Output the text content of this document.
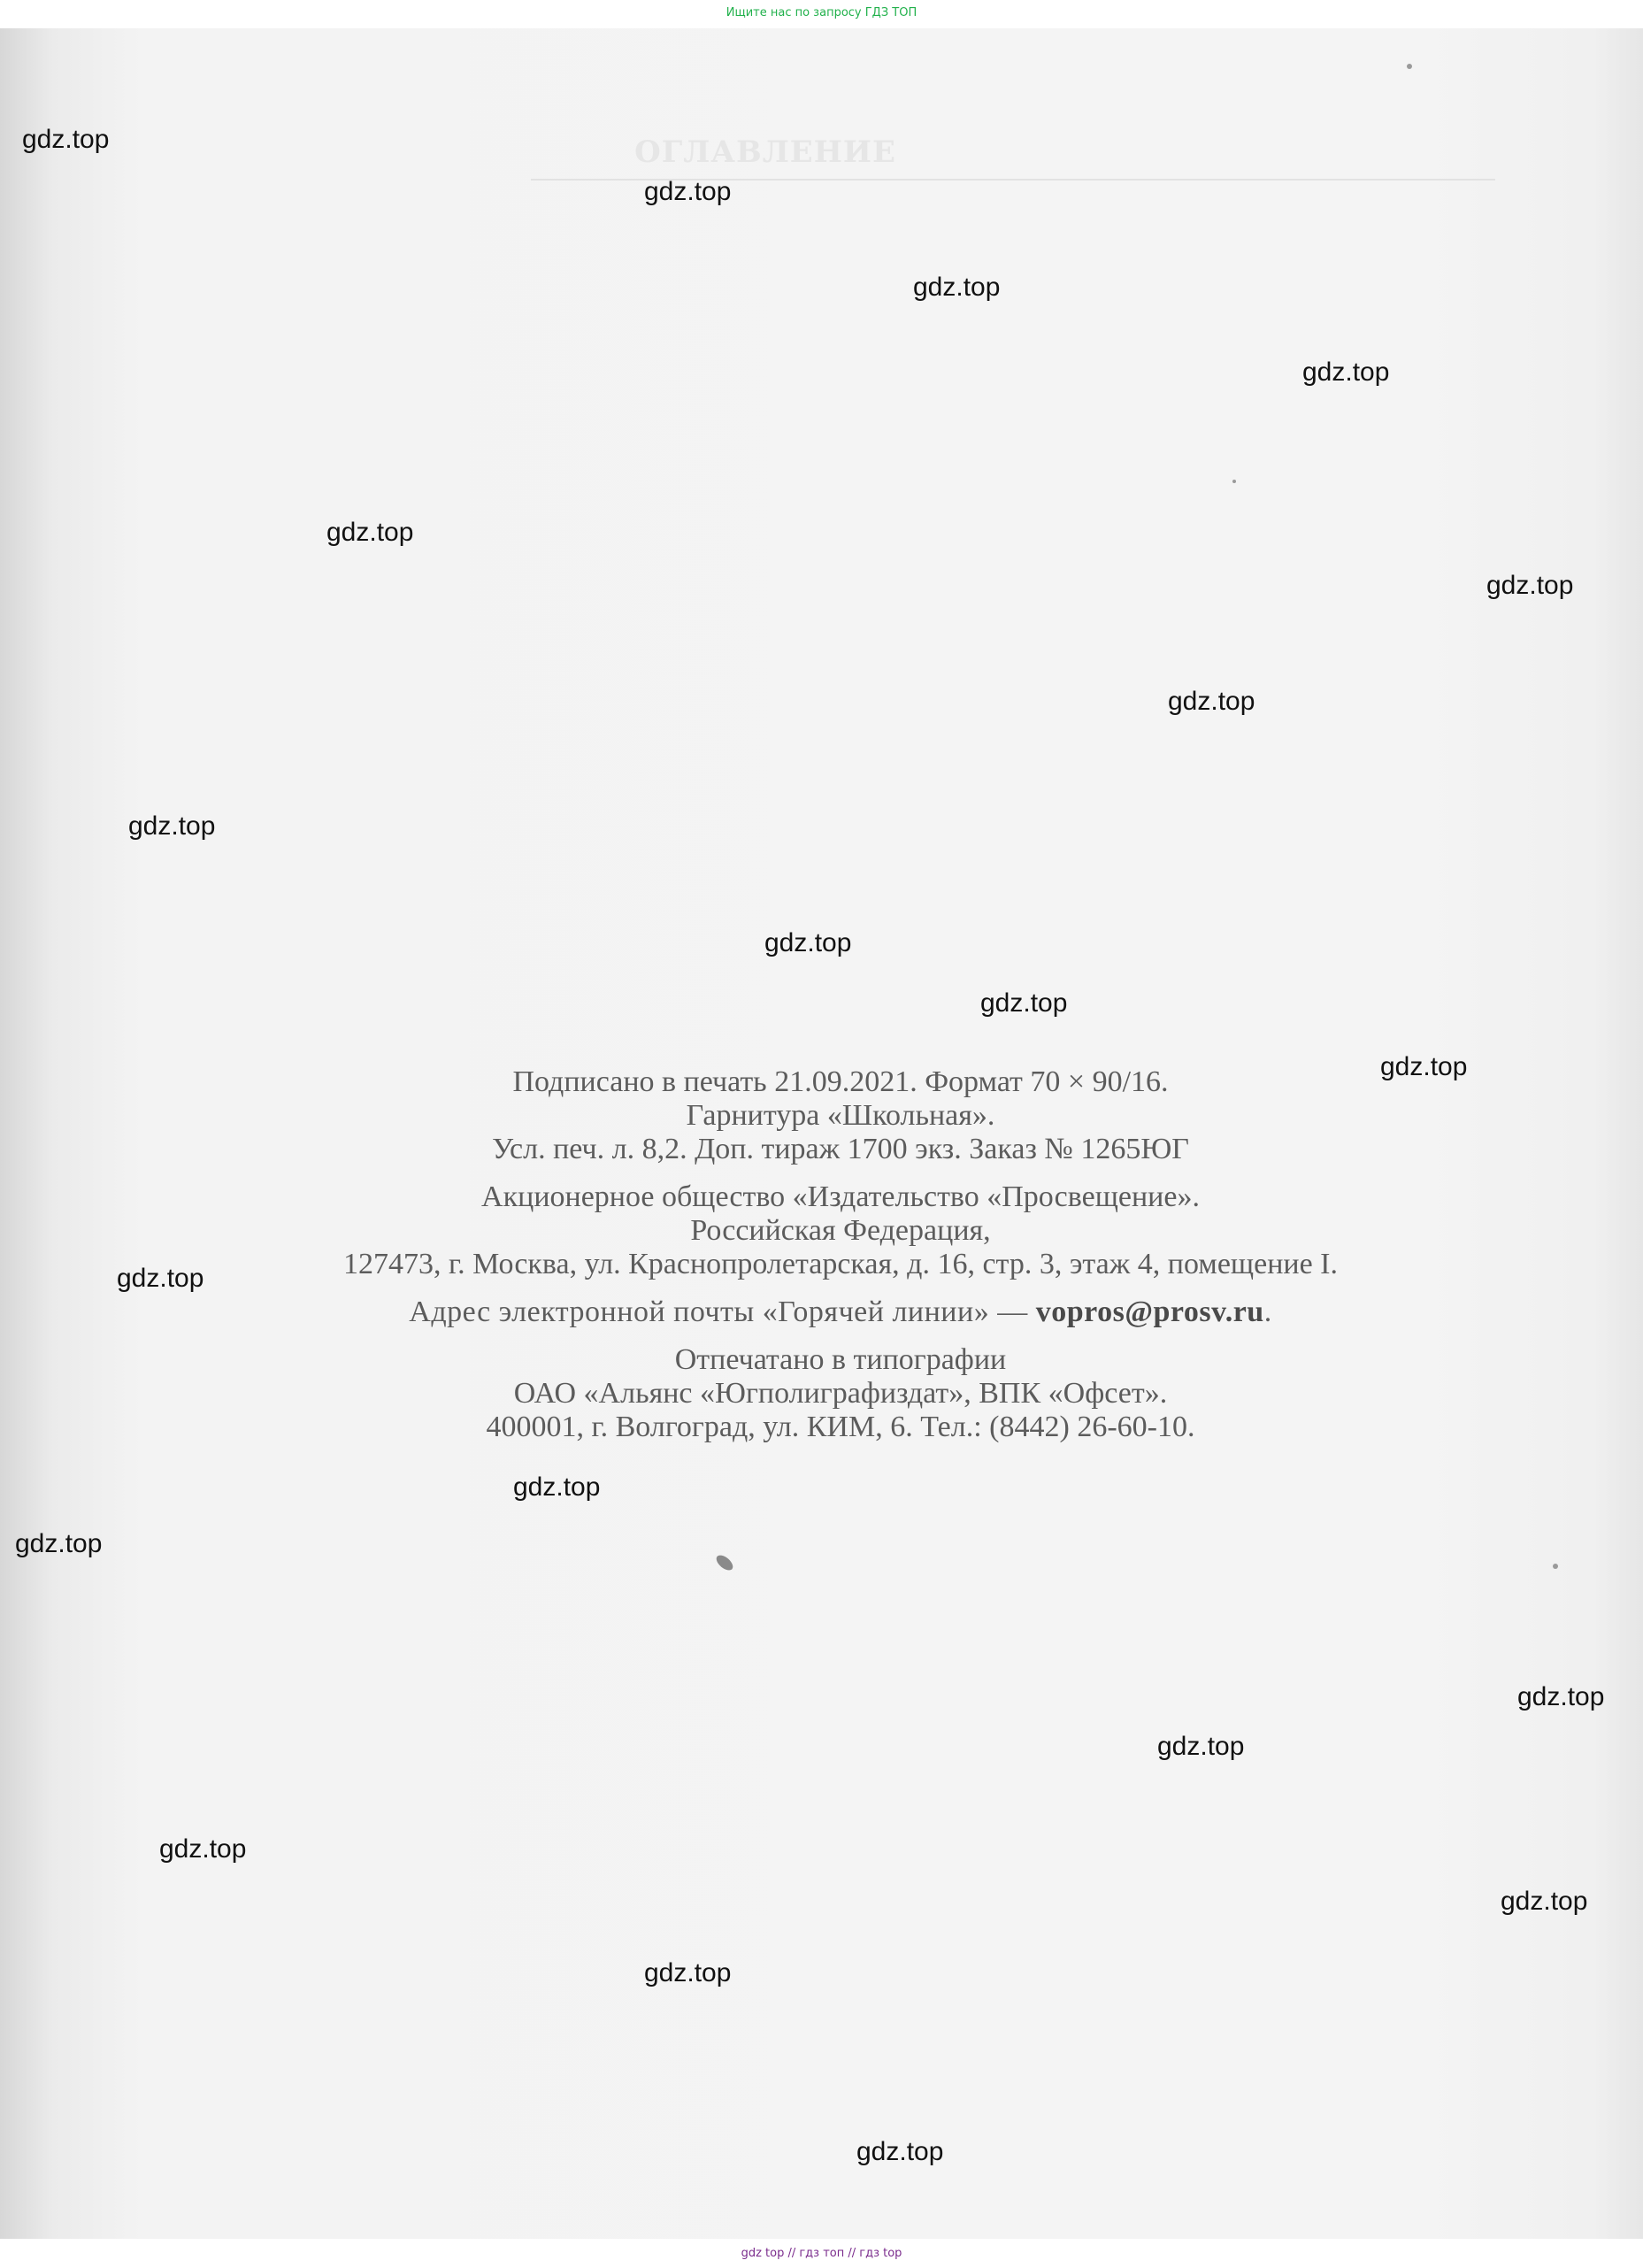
Ищите нас по запросу ГДЗ ТОП
ОГЛАВЛЕНИЕ
Подписано в печать 21.09.2021. Формат 70 × 90/16.
Гарнитура «Школьная».
Усл. печ. л. 8,2. Доп. тираж 1700 экз. Заказ № 1265ЮГ
Акционерное общество «Издательство «Просвещение».
Российская Федерация,
127473, г. Москва, ул. Краснопролетарская, д. 16, стр. 3, этаж 4, помещение I.
Адрес электронной почты «Горячей линии» — vopros@prosv.ru.
Отпечатано в типографии
ОАО «Альянс «Югполиграфиздат», ВПК «Офсет».
400001, г. Волгоград, ул. КИМ, 6. Тел.: (8442) 26-60-10.
gdz.top
gdz.top
gdz.top
gdz.top
gdz.top
gdz.top
gdz.top
gdz.top
gdz.top
gdz.top
gdz.top
gdz.top
gdz.top
gdz.top
gdz.top
gdz.top
gdz.top
gdz.top
gdz.top
gdz.top
gdz top // гдз топ // гдз top
